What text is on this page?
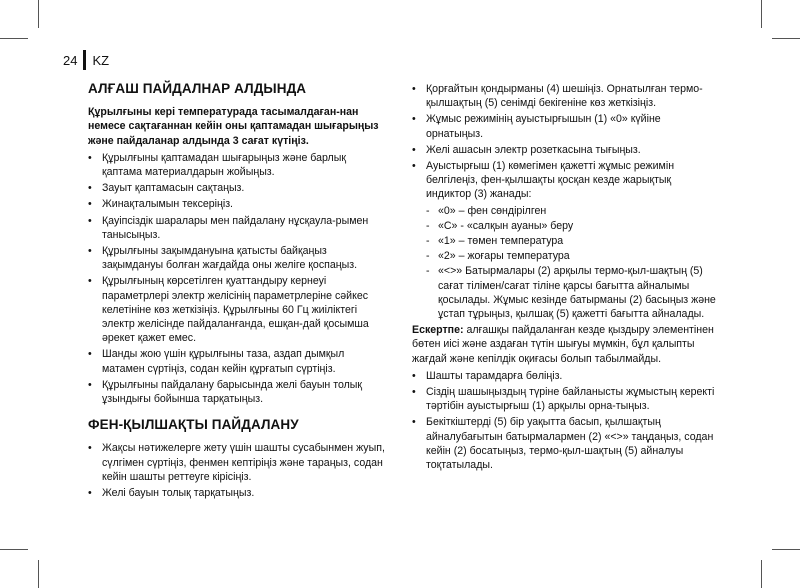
24 KZ
АЛҒАШ ПАЙДАЛНАР АЛДЫНДА

Құрылғыны кері температурада тасымалдаған-нан немесе сақтағаннан кейін оны қаптамадан шығарыңыз және пайдаланар алдында 3 сағат күтіңіз.

• Құрылғыны қаптамадан шығарыңыз және барлық қаптама материалдарын жойыңыз.
• Зауыт қаптамасын сақтаңыз.
• Жинақталымын тексеріңіз.
• Қауіпсіздік шаралары мен пайдалану нұсқаула-рымен танысыңыз.
• Құрылғыны зақымдануына қатысты байқаңыз зақымдануы болған жағдайда оны желіге қоспаңыз.
• Құрылғының көрсетілген қуаттандыру кернеуі параметрлері электр желісінің параметрлеріне сәйкес келетініне көз жеткізіңіз. Құрылғыны 60 Гц жиіліктегі электр желісінде пайдаланғанда, ешқан-дай қосымша әрекет қажет емес.
• Шанды жою үшін құрылғыны таза, аздап дымқыл матамен сүртіңіз, содан кейін құрғатып сүртіңіз.
• Құрылғыны пайдалану барысында желі бауын толық ұзындығы бойынша тарқатыңыз.
ФЕН-ҚЫЛШАҚТЫ ПАЙДАЛАНУ
• Жақсы нәтижелерге жету үшін шашты сусабынмен жуып, сүлгімен сүртіңіз, фенмен кептіріңіз және тараңыз, содан кейін шашты реттеуге кірісіңіз.
• Желі бауын толық тарқатыңыз.
• Қорғайтын қондырманы (4) шешіңіз. Орнатылған термо-қылшақтың (5) сенімді бекігеніне көз жеткізіңіз.
• Жұмыс режимінің ауыстырғышын (1) «0» күйіне орнатыңыз.
• Желі ашасын электр розеткасына тығыңыз.
• Ауыстырғыш (1) көмегімен қажетті жұмыс режимін белгілеңіз, фен-қылшақты қосқан кезде жарықтық индиктор (3) жанады:
- «0» – фен сөндірілген
- «С» - «салқын ауаны» беру
- «1» – төмен температура
- «2» – жоғары температура
- «<>» Батырмалары (2) арқылы термо-қыл-шақтың (5) сағат тілімен/сағат тіліне қарсы бағытта айналымы қосылады. Жұмыс кезінде батырманы (2) басыңыз және ұстап тұрыңыз, қылшақ (5) қажетті бағытта айналады.

Ескертпе: алғашқы пайдаланған кезде қыздыру элементінен бөтен иісі және аздаған түтін шығуы мүмкін, бұл қалыпты жағдай және кепілдік оқиғасы болып табылмайды.

• Шашты тарамдарға бөліңіз.
• Сіздің шашыңыздың түріне байланысты жұмыстың керекті тәртібін ауыстырғыш (1) арқылы орна-тыңыз.
• Бекіткіштерді (5) бір уақытта басып, қылшақтың айналубағытын батырмалармен (2) «<>» таңдаңыз, содан кейін (2) босатыңыз, термо-қыл-шақтың (5) айналуы тоқтатылады.
